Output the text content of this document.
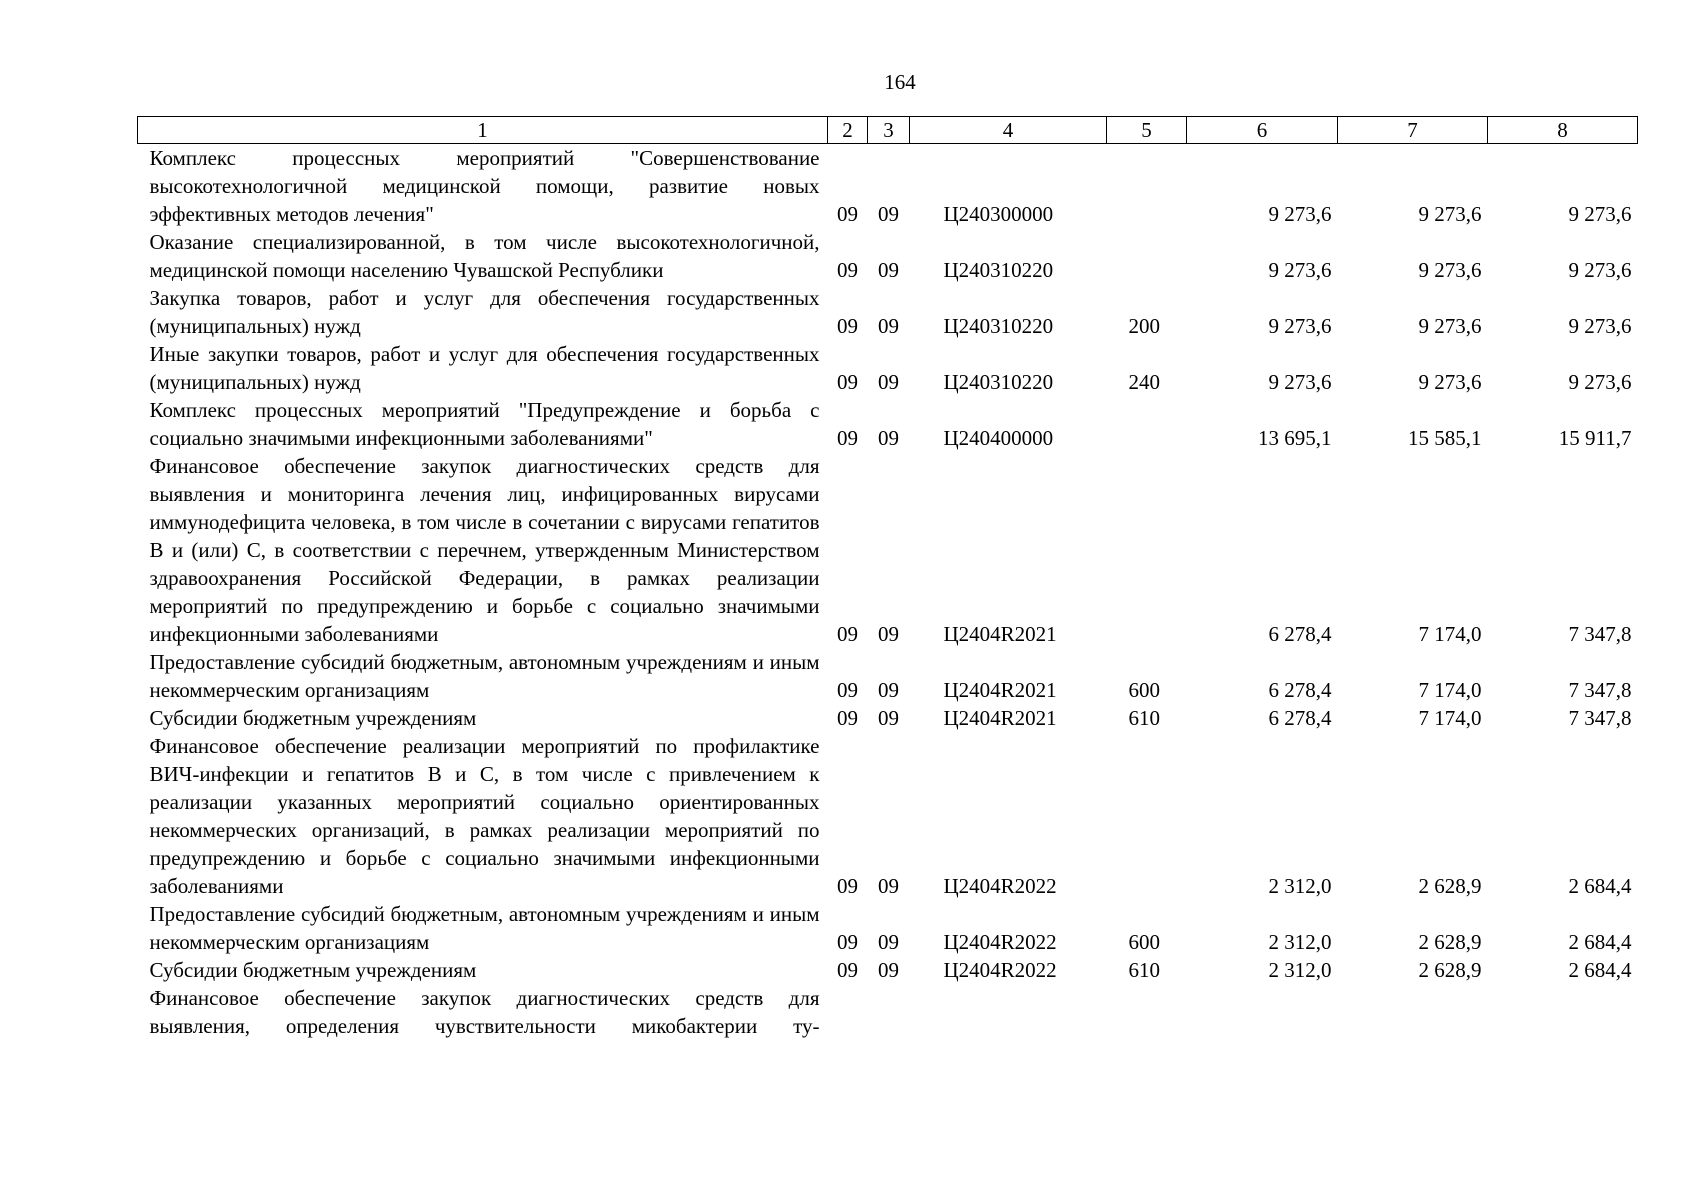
164
1	2	3	4	5	6	7	8
Комплекс процессных мероприятий "Совершенствование высокотехнологичной медицинской помощи, развитие новых эффективных методов лечения"	09	09	Ц240300000		9 273,6	9 273,6	9 273,6
Оказание специализированной, в том числе высокотехнологичной, медицинской помощи населению Чувашской Республики	09	09	Ц240310220		9 273,6	9 273,6	9 273,6
Закупка товаров, работ и услуг для обеспечения государственных (муниципальных) нужд	09	09	Ц240310220	200	9 273,6	9 273,6	9 273,6
Иные закупки товаров, работ и услуг для обеспечения государственных (муниципальных) нужд	09	09	Ц240310220	240	9 273,6	9 273,6	9 273,6
Комплекс процессных мероприятий "Предупреждение и борьба с социально значимыми инфекционными заболеваниями"	09	09	Ц240400000		13 695,1	15 585,1	15 911,7
Финансовое обеспечение закупок диагностических средств для выявления и мониторинга лечения лиц, инфицированных вирусами иммунодефицита человека, в том числе в сочетании с вирусами гепатитов B и (или) C, в соответствии с перечнем, утвержденным Министерством здравоохранения Российской Федерации, в рамках реализации мероприятий по предупреждению и борьбе с социально значимыми инфекционными заболеваниями	09	09	Ц2404R2021		6 278,4	7 174,0	7 347,8
Предоставление субсидий бюджетным, автономным учреждениям и иным некоммерческим организациям	09	09	Ц2404R2021	600	6 278,4	7 174,0	7 347,8
Субсидии бюджетным учреждениям	09	09	Ц2404R2021	610	6 278,4	7 174,0	7 347,8
Финансовое обеспечение реализации мероприятий по профилактике ВИЧ-инфекции и гепатитов B и C, в том числе с привлечением к реализации указанных мероприятий социально ориентированных некоммерческих организаций, в рамках реализации мероприятий по предупреждению и борьбе с социально значимыми инфекционными заболеваниями	09	09	Ц2404R2022		2 312,0	2 628,9	2 684,4
Предоставление субсидий бюджетным, автономным учреждениям и иным некоммерческим организациям	09	09	Ц2404R2022	600	2 312,0	2 628,9	2 684,4
Субсидии бюджетным учреждениям	09	09	Ц2404R2022	610	2 312,0	2 628,9	2 684,4
Финансовое обеспечение закупок диагностических средств для выявления, определения чувствительности микобактерии ту-							
